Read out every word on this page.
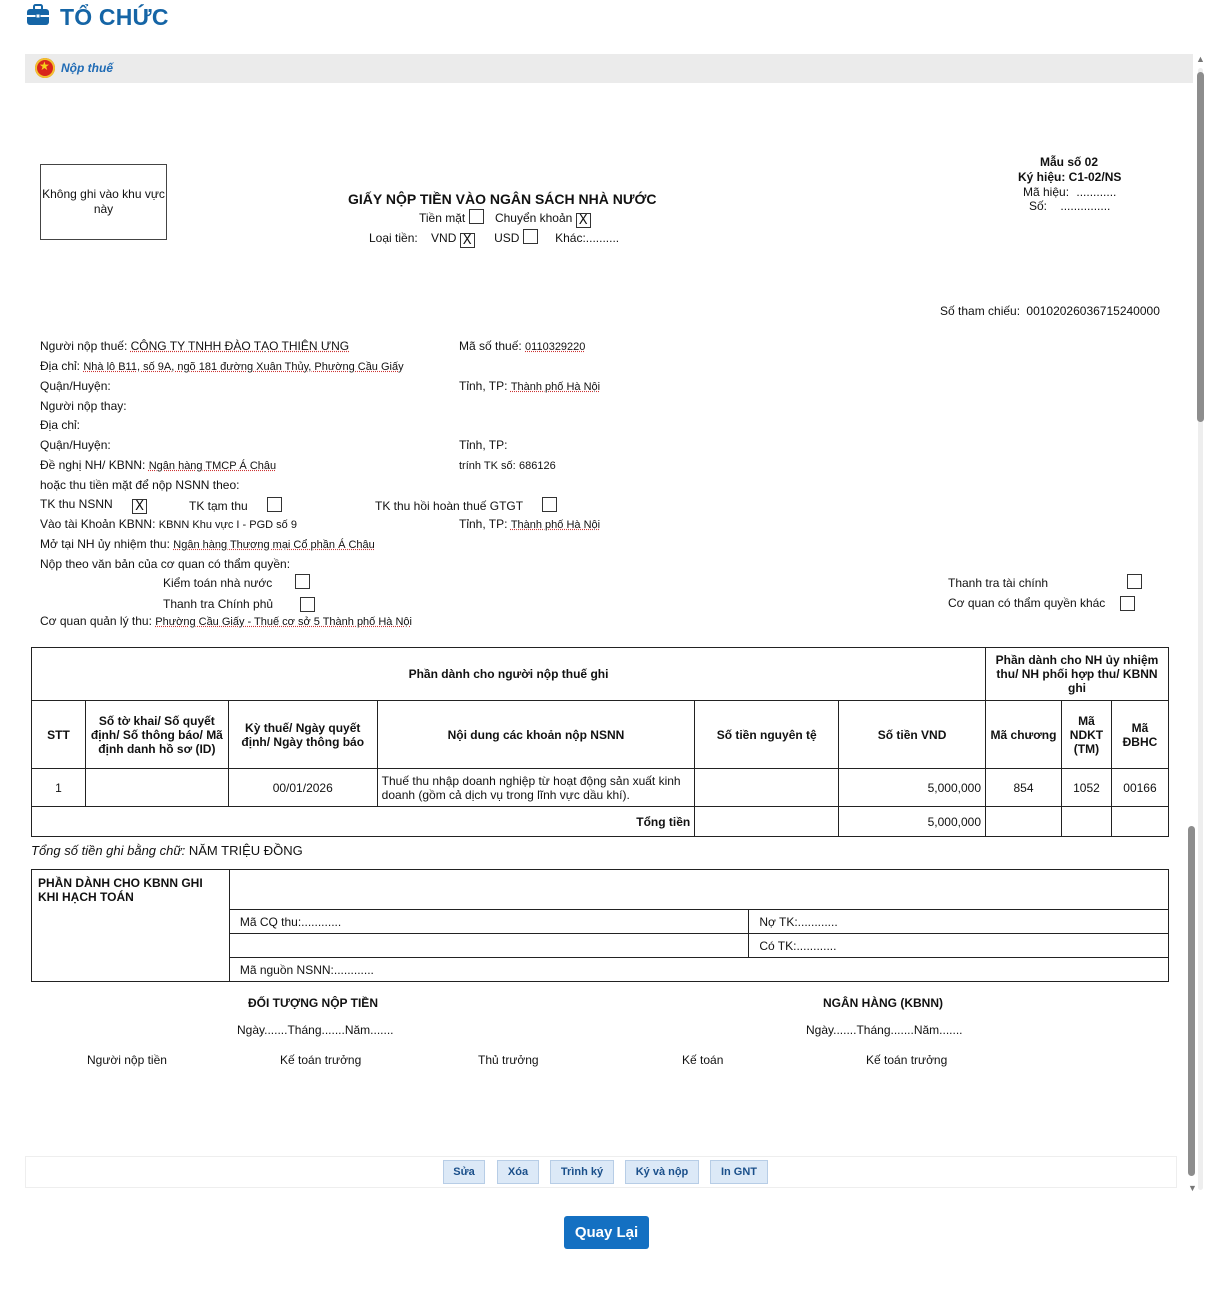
TỔ CHỨC
★
Nộp thuế
▲
▼
Không ghi vào khu vực này
GIẤY NỘP TIỀN VÀO NGÂN SÁCH NHÀ NƯỚC
Tiền mặt Chuyển khoản X
Loại tiền: VND X USD	Khác:..........
Mẫu số 02
Ký hiệu: C1-02/NS
Mã hiệu: ............
Số: ...............
Số tham chiếu: 00102026036715240000
Người nộp thuế: CÔNG TY TNHH ĐÀO TẠO THIÊN ƯNG	Mã số thuế: 0110329220
Địa chỉ: Nhà lô B11, số 9A, ngõ 181 đường Xuân Thủy, Phường Cầu Giấy
Quận/Huyện:	Tỉnh, TP: Thành phố Hà Nội
Người nộp thay:
Địa chỉ:
Quận/Huyện:	Tỉnh, TP:
Đề nghị NH/ KBNN: Ngân hàng TMCP Á Châu	trính TK số: 686126
hoặc thu tiền mặt để nộp NSNN theo:
TK thu NSNN X	TK tạm thu	TK thu hồi hoàn thuế GTGT
Vào tài Khoản KBNN: KBNN Khu vực I - PGD số 9	Tỉnh, TP: Thành phố Hà Nội
Mở tại NH ủy nhiệm thu: Ngân hàng Thương mại Cổ phần Á Châu
Nộp theo văn bản của cơ quan có thẩm quyền:
Kiểm toán nhà nước
Thanh tra Chính phủ
Thanh tra tài chính
Cơ quan có thẩm quyền khác
Cơ quan quản lý thu: Phường Cầu Giấy - Thuế cơ sở 5 Thành phố Hà Nội
Phần dành cho người nộp thuế ghi						Phần dành cho NH ủy nhiệm thu/ NH phối hợp thu/ KBNN ghi		
STT	Số tờ khai/ Số quyết định/ Số thông báo/ Mã định danh hồ sơ (ID)	Kỳ thuế/ Ngày quyết định/ Ngày thông báo	Nội dung các khoản nộp NSNN	Số tiền nguyên tệ	Số tiền VND	Mã chương	Mã NDKT (TM)	Mã ĐBHC
1		00/01/2026	Thuế thu nhập doanh nghiệp từ hoạt động sản xuất kinh doanh (gồm cả dịch vụ trong lĩnh vực dầu khí).		5,000,000	854	1052	00166
Tổng tiền					5,000,000			
Tổng số tiền ghi bằng chữ: NĂM TRIỆU ĐỒNG
PHẦN DÀNH CHO KBNN GHI KHI HẠCH TOÁN		
	Mã CQ thu:............	Nợ TK:............
		Có TK:............
	Mã nguồn NSNN:............	
ĐỐI TƯỢNG NỘP TIỀN	NGÂN HÀNG (KBNN)
Ngày.......Tháng.......Năm.......	Ngày.......Tháng.......Năm.......
Người nộp tiền	Kế toán trưởng	Thủ trưởng	Kế toán	Kế toán trưởng
Sửa	Xóa	Trình ký	Ký và nộp	In GNT
Quay Lại
